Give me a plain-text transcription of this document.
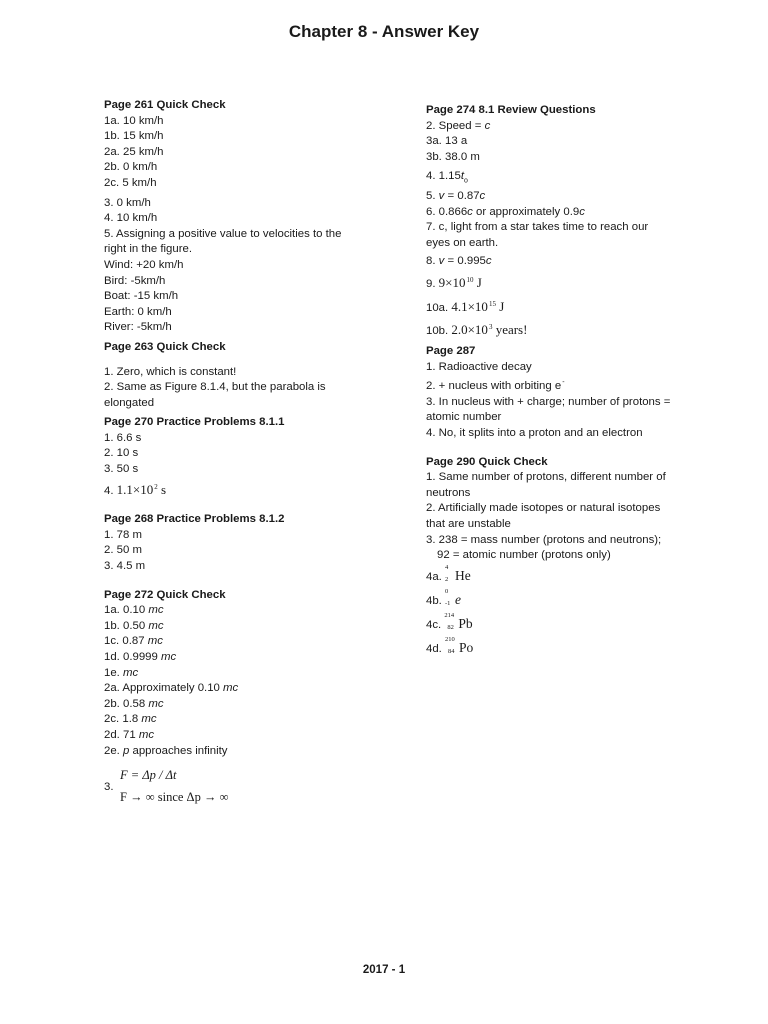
Chapter 8 - Answer Key
Page 261 Quick Check
1a. 10 km/h
1b. 15 km/h
2a. 25 km/h
2b. 0 km/h
2c. 5 km/h
3. 0 km/h
4. 10 km/h
5. Assigning a positive value to velocities to the right in the figure.
Wind: +20 km/h
Bird: -5km/h
Boat: -15 km/h
Earth: 0 km/h
River: -5km/h
Page 263 Quick Check
1. Zero, which is constant!
2. Same as Figure 8.1.4, but the parabola is elongated
Page 270 Practice Problems 8.1.1
1. 6.6 s
2. 10 s
3. 50 s
4. $1.1\times 10^2$ s
Page 268 Practice Problems 8.1.2
1. 78 m
2. 50 m
3. 4.5 m
Page 272 Quick Check
1a. 0.10 mc
1b. 0.50 mc
1c. 0.87 mc
1d. 0.9999 mc
1e. mc
2a. Approximately 0.10 mc
2b. 0.58 mc
2c. 1.8 mc
2d. 71 mc
2e. p approaches infinity
3.
F = Δp / Δt
F → ∞ since Δp → ∞
Page 274 8.1 Review Questions
2. Speed = c
3a. 13 a
3b. 38.0 m
4. $1.15t_o$
5. v = 0.87c
6. 0.866c or approximately 0.9c
7. c, light from a star takes time to reach our eyes on earth.
8. v = 0.995c
9. $9\times 10^{10}$ J
10a. $4.1\times 10^{15}$ J
10b. $2.0\times 10^3$ years!
Page 287
1. Radioactive decay
2. + nucleus with orbiting e-
3. In nucleus with + charge; number of protons = atomic number
4. No, it splits into a proton and an electron
Page 290 Quick Check
1. Same number of protons, different number of neutrons
2. Artificially made isotopes or natural isotopes that are unstable
3. 238 = mass number (protons and neutrons);
92 = atomic number (protons only)
4a.
4
2 He
4b.
0
-1 e
4c.
214
82 Pb
4d.
210
84 Po
2017 - 1
